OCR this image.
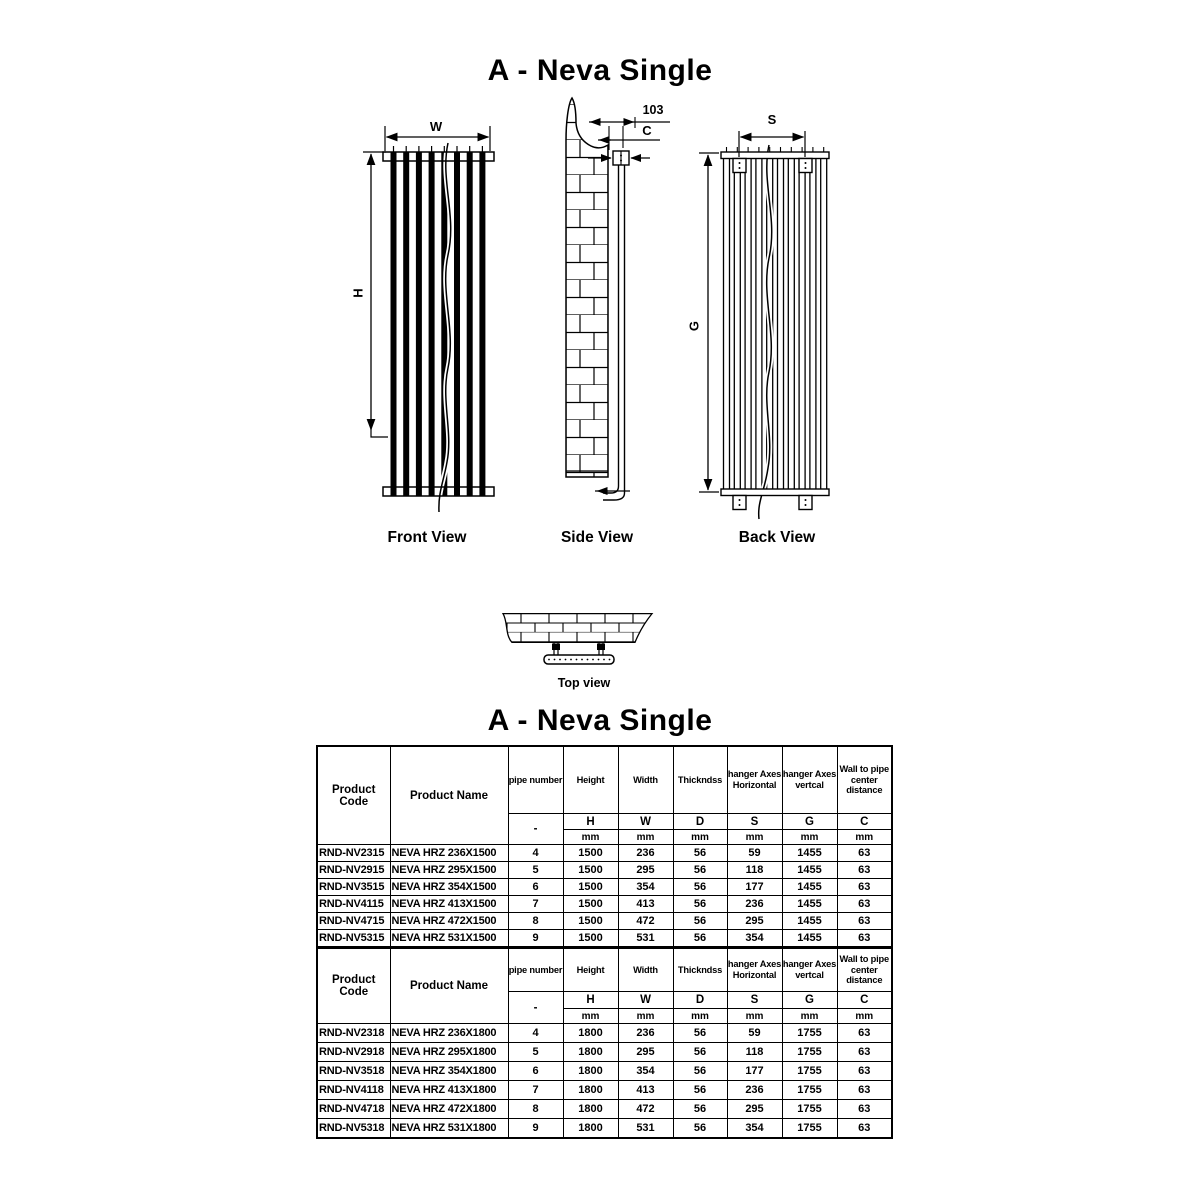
A - Neva Single
W
H
103
C
S
G
Front View	Side View	Back View
Top view
A - Neva Single
Product Code	Product Name	pipe number	Height	Width	Thickndss	hanger Axes Horizontal	hanger Axes vertcal	Wall to pipe center distance
		-	H	W	D	S	G	C
			mm	mm	mm	mm	mm	mm
RND-NV2315	NEVA HRZ 236X1500	4	1500	236	56	59	1455	63
RND-NV2915	NEVA HRZ 295X1500	5	1500	295	56	118	1455	63
RND-NV3515	NEVA HRZ 354X1500	6	1500	354	56	177	1455	63
RND-NV4115	NEVA HRZ 413X1500	7	1500	413	56	236	1455	63
RND-NV4715	NEVA HRZ 472X1500	8	1500	472	56	295	1455	63
RND-NV5315	NEVA HRZ 531X1500	9	1500	531	56	354	1455	63
Product Code	Product Name	pipe number	Height	Width	Thickndss	hanger Axes Horizontal	hanger Axes vertcal	Wall to pipe center distance
		-	H	W	D	S	G	C
			mm	mm	mm	mm	mm	mm
RND-NV2318	NEVA HRZ 236X1800	4	1800	236	56	59	1755	63
RND-NV2918	NEVA HRZ 295X1800	5	1800	295	56	118	1755	63
RND-NV3518	NEVA HRZ 354X1800	6	1800	354	56	177	1755	63
RND-NV4118	NEVA HRZ 413X1800	7	1800	413	56	236	1755	63
RND-NV4718	NEVA HRZ 472X1800	8	1800	472	56	295	1755	63
RND-NV5318	NEVA HRZ 531X1800	9	1800	531	56	354	1755	63
